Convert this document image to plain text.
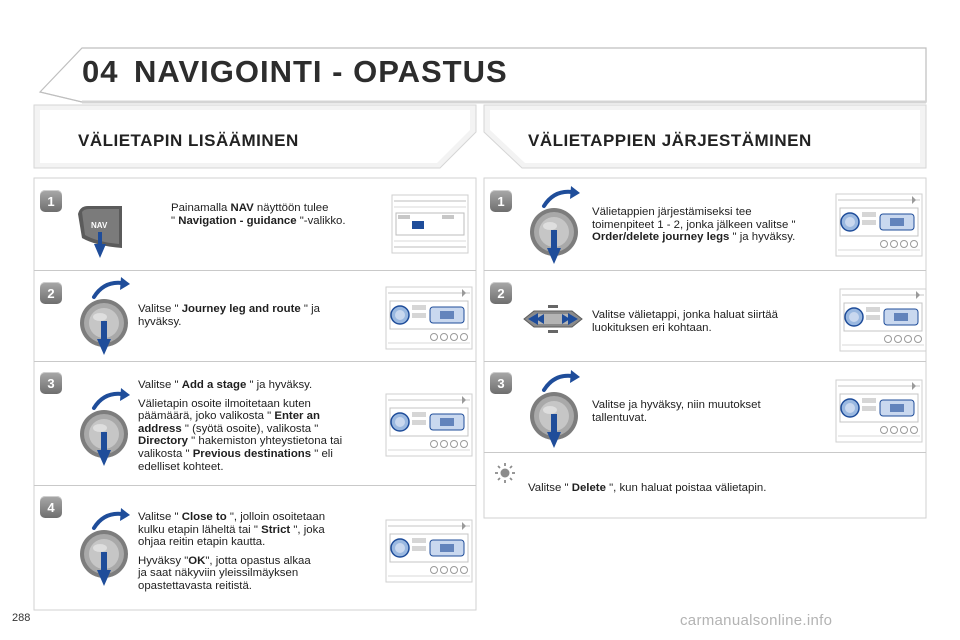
04 NAVIGOINTI - OPASTUS
VÄLIETAPIN LISÄÄMINEN	VÄLIETAPPIEN JÄRJESTÄMINEN
1
NAV
Painamalla NAV näyttöön tulee
" Navigation - guidance "-valikko.
2
Valitse " Journey leg and route " ja
hyväksy.
3	Valitse " Add a stage " ja hyväksy.

Välietapin osoite ilmoitetaan kuten
päämäärä, joko valikosta " Enter an
address " (syötä osoite), valikosta "
Directory " hakemiston yhteystietona tai
valikosta " Previous destinations " eli
edelliset kohteet.

4

Valitse " Close to ", jolloin osoitetaan
kulku etapin läheltä tai " Strict ", joka
ohjaa reitin etapin kautta.

Hyväksy "OK", jotta opastus alkaa
ja saat näkyviin yleissilmäyksen
opastettavasta reitistä.

1
Välietappien järjestämiseksi tee
toimenpiteet 1 - 2, jonka jälkeen valitse "
Order/delete journey legs " ja hyväksy.
2
Valitse välietappi, jonka haluat siirtää
luokituksen eri kohtaan.
3
Valitse ja hyväksy, niin muutokset
tallentuvat.
Valitse " Delete ", kun haluat poistaa välietapin.
288	carmanualsonline.info
